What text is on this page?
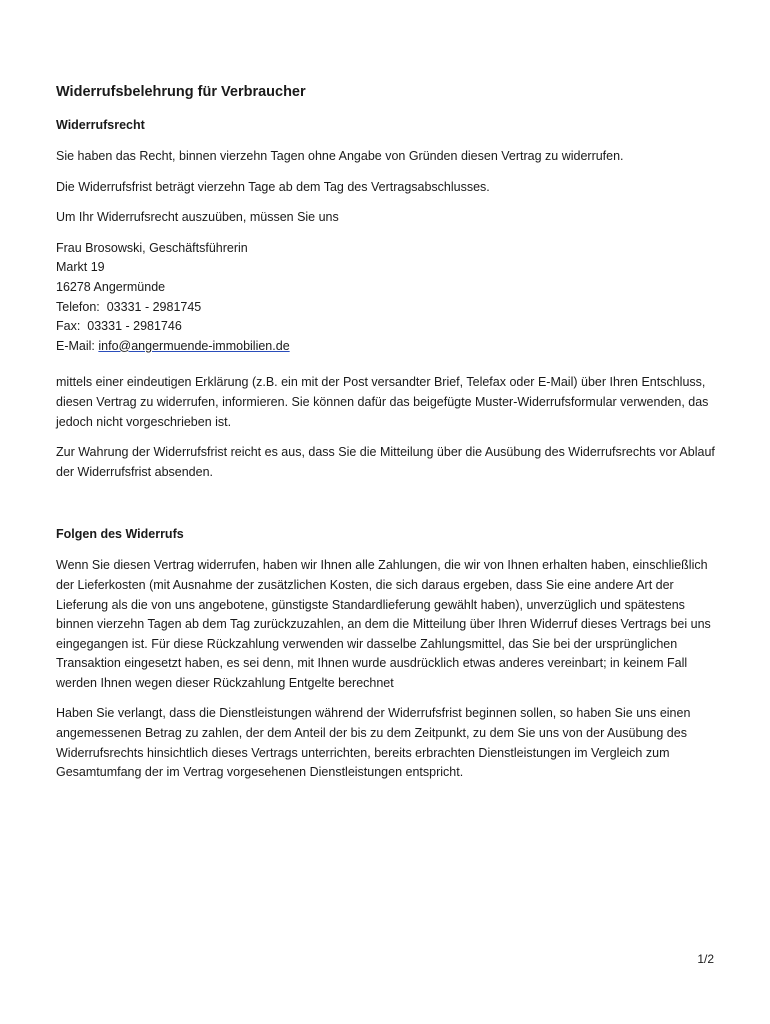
Widerrufsbelehrung für Verbraucher
Widerrufsrecht

Sie haben das Recht, binnen vierzehn Tagen ohne Angabe von Gründen diesen Vertrag zu widerrufen.

Die Widerrufsfrist beträgt vierzehn Tage ab dem Tag des Vertragsabschlusses.

Um Ihr Widerrufsrecht auszuüben, müssen Sie uns

Frau Brosowski, Geschäftsführerin
Markt 19
16278 Angermünde
Telefon:  03331 - 2981745
Fax:  03331 - 2981746
E-Mail: info@angermuende-immobilien.de

mittels einer eindeutigen Erklärung (z.B. ein mit der Post versandter Brief, Telefax oder E-Mail) über Ihren Entschluss, diesen Vertrag zu widerrufen, informieren. Sie können dafür das beigefügte Muster-Widerrufsformular verwenden, das jedoch nicht vorgeschrieben ist.

Zur Wahrung der Widerrufsfrist reicht es aus, dass Sie die Mitteilung über die Ausübung des Widerrufsrechts vor Ablauf der Widerrufsfrist absenden.

Folgen des Widerrufs

Wenn Sie diesen Vertrag widerrufen, haben wir Ihnen alle Zahlungen, die wir von Ihnen erhalten haben, einschließlich der Lieferkosten (mit Ausnahme der zusätzlichen Kosten, die sich daraus ergeben, dass Sie eine andere Art der Lieferung als die von uns angebotene, günstigste Standardlieferung gewählt haben), unverzüglich und spätestens binnen vierzehn Tagen ab dem Tag zurückzuzahlen, an dem die Mitteilung über Ihren Widerruf dieses Vertrags bei uns eingegangen ist. Für diese Rückzahlung verwenden wir dasselbe Zahlungsmittel, das Sie bei der ursprünglichen Transaktion eingesetzt haben, es sei denn, mit Ihnen wurde ausdrücklich etwas anderes vereinbart; in keinem Fall werden Ihnen wegen dieser Rückzahlung Entgelte berechnet

Haben Sie verlangt, dass die Dienstleistungen während der Widerrufsfrist beginnen sollen, so haben Sie uns einen angemessenen Betrag zu zahlen, der dem Anteil der bis zu dem Zeitpunkt, zu dem Sie uns von der Ausübung des Widerrufsrechts hinsichtlich dieses Vertrags unterrichten, bereits erbrachten Dienstleistungen im Vergleich zum Gesamtumfang der im Vertrag vorgesehenen Dienstleistungen entspricht.

1/2
